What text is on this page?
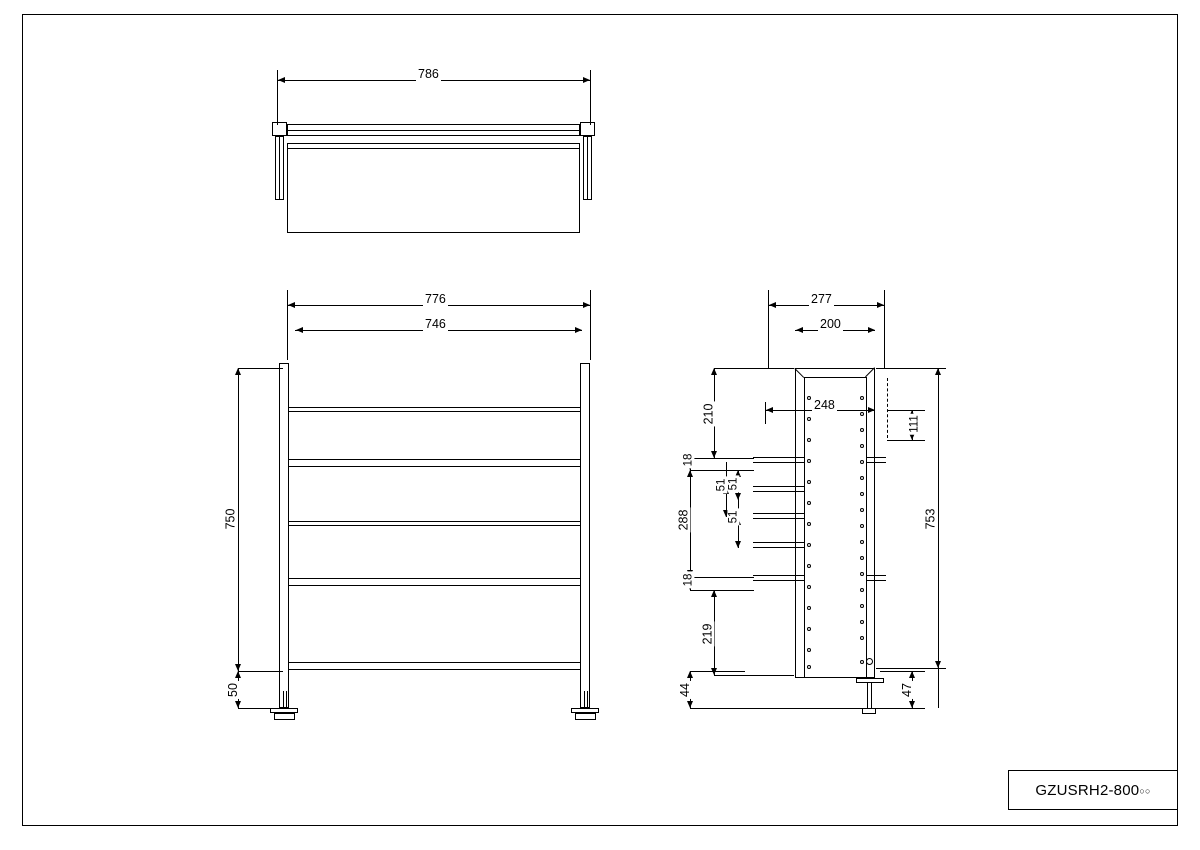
786
776
746
750
50
277
200
248
210
18
288
51
51
51
18
219
44
111
753
47
GZUSRH2-800○○
